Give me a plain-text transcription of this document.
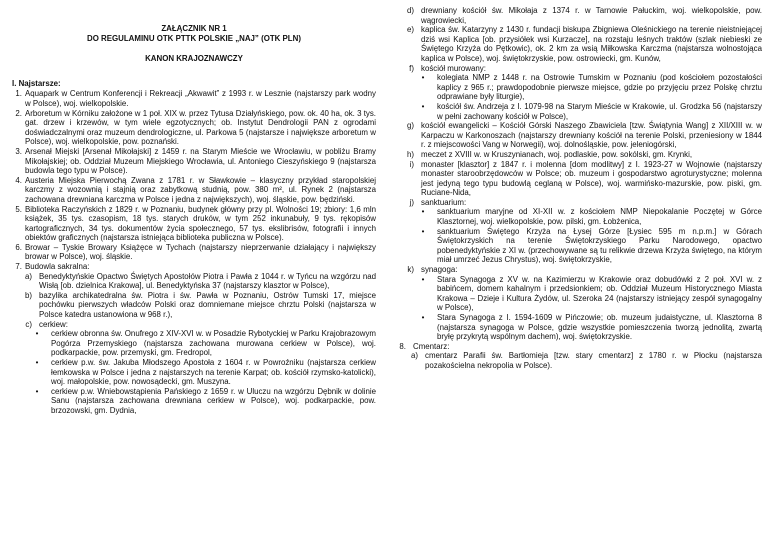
ZAŁĄCZNIK NR 1

DO REGULAMINU OTK PTTK POLSKIE „NAJ” (OTK PLN)

KANON KRAJOZNAWCZY

I. Najstarsze:

1. Aquapark w Centrum Konferencji i Rekreacji „Akwawit” z 1993 r. w Lesznie (najstarszy park wodny w Polsce), woj. wielkopolskie.
2. Arboretum w Kórniku założone w 1 poł. XIX w. przez Tytusa Działyńskiego, pow. ok. 40 ha, ok. 3 tys. gat. drzew i krzewów, w tym wiele egzotycznych; ob. Instytut Dendrologii PAN z ogrodami doświadczalnymi oraz muzeum dendrologiczne, ul. Parkowa 5 (najstarsze i największe arboretum w Polsce), woj. wielkopolskie, pow. poznański.
3. Arsenał Miejski [Arsenał Mikołajski] z 1459 r. na Starym Mieście we Wrocławiu, w pobliżu Bramy Mikołajskiej; ob. Oddział Muzeum Miejskiego Wrocławia, ul. Antoniego Cieszyńskiego 9 (najstarsza budowla tego typu w Polsce).
4. Austeria Miejska Pierwochą Zwana z 1781 r. w Sławkowie – klasyczny przykład staropolskiej karczmy z wozownią i stajnią oraz zabytkową studnią, pow. 380 m², ul. Rynek 2 (najstarsza zachowana drewniana karczma w Polsce i jedna z największych), woj. śląskie, pow. będziński.
5. Biblioteka Raczyńskich z 1829 r. w Poznaniu, budynek główny przy pl. Wolności 19; zbiory: 1,6 mln książek, 35 tys. czasopism, 18 tys. starych druków, w tym 252 inkunabuły, 9 tys. rękopisów kartograficznych, 34 tys. dokumentów życia społecznego, 57 tys. ekslibrisów, fotografii i innych obiektów graficznych (najstarsza istniejąca biblioteka publiczna w Polsce).
6. Browar – Tyskie Browary Książęce w Tychach (najstarszy nieprzerwanie działający i największy browar w Polsce), woj. śląskie.
7. Budowla sakralna:
a) Benedyktyńskie Opactwo Świętych Apostołów Piotra i Pawła z 1044 r. w Tyńcu na wzgórzu nad Wisłą [ob. dzielnica Krakowa], ul. Benedyktyńska 37 (najstarszy klasztor w Polsce),
b) bazylika archikatedralna św. Piotra i św. Pawła w Poznaniu, Ostrów Tumski 17, miejsce pochówku pierwszych władców Polski oraz domniemane miejsce chrztu Polski (najstarsza w Polsce katedra ustanowiona w 968 r.),
c) cerkiew:
•	cerkiew obronna św. Onufrego z XIV-XVI w. w Posadzie Rybotyckiej w Parku Krajobrazowym Pogórza Przemyskiego (najstarsza zachowana murowana cerkiew w Polsce), woj. podkarpackie, pow. przemyski, gm. Fredropol,
•	cerkiew p.w. św. Jakuba Młodszego Apostoła z 1604 r. w Powroźniku (najstarsza cerkiew łemkowska w Polsce i jedna z najstarszych na terenie Karpat; ob. kościół rzymsko-katolicki), woj. małopolskie, pow. nowosądecki, gm. Muszyna.
•	cerkiew p.w. Wniebowstąpienia Pańskiego z 1659 r. w Uluczu na wzgórzu Dębnik w dolinie Sanu (najstarsza zachowana drewniana cerkiew w Polsce), woj. podkarpackie, pow. brzozowski, gm. Dydnia,
d) drewniany kościół św. Mikołaja z 1374 r. w Tarnowie Pałuckim, woj. wielkopolskie, pow. wągrowiecki,
e) kaplica św. Katarzyny z 1430 r. fundacji biskupa Zbigniewa Oleśnickiego na terenie nieistniejącej dziś wsi Kaplica [ob. przysiółek wsi Kurzacze], na rozstaju leśnych traktów (szlak niebieski ze Świętego Krzyża do Pętkowic), ok. 2 km za wsią Miłkowska Karczma (najstarsza wolnostojąca kaplica w Polsce), woj. świętokrzyskie, pow. ostrowiecki, gm. Kunów,
f) kościół murowany:
•	kolegiata NMP z 1448 r. na Ostrowie Tumskim w Poznaniu (pod kościołem pozostałości kaplicy z 965 r.; prawdopodobnie pierwsze miejsce, gdzie po przyjęciu przez Polskę chrztu odprawiane były liturgie),
•	kościół św. Andrzeja z I. 1079-98 na Starym Mieście w Krakowie, ul. Grodzka 56 (najstarszy w pełni zachowany kościół w Polsce),
g) kościół ewangelicki – Kościół Górski Naszego Zbawiciela [tzw. Świątynia Wang] z XII/XIII w. w Karpaczu w Karkonoszach (najstarszy drewniany kościół na terenie Polski, przeniesiony w 1844 r. z miejscowości Vang w Norwegii), woj. dolnośląskie, pow. jeleniogórski,
h) meczet z XVIII w. w Kruszynianach, woj. podlaskie, pow. sokólski, gm. Krynki,
i) monaster [klasztor] z 1847 r. i molenna [dom modlitwy] z I. 1923-27 w Wojnowie (najstarszy monaster staroobrzędowców w Polsce; ob. muzeum i gospodarstwo agroturystyczne; molenna jest jedyną tego typu budowlą ceglaną w Polsce), woj. warmińsko-mazurskie, pow. piski, gm. Ruciane-Nida,
j) sanktuarium:
•	sanktuarium maryjne od XI-XII w. z kościołem NMP Niepokalanie Poczętej w Górce Klasztornej, woj. wielkopolskie, pow. pilski, gm. Łobżenica,
•	sanktuarium Świętego Krzyża na Łysej Górze [Łysiec 595 m n.p.m.] w Górach Świętokrzyskich na terenie Świętokrzyskiego Parku Narodowego, opactwo pobenedyktyńskie z XI w. (przechowywane są tu relikwie drzewa Krzyża świętego, na którym miał umrzeć Jezus Chrystus), woj. świętokrzyskie,
k) synagoga:
•	Stara Synagoga z XV w. na Kazimierzu w Krakowie oraz dobudówki z 2 poł. XVI w. z babińcem, domem kahalnym i przedsionkiem; ob. Oddział Muzeum Historycznego Miasta Krakowa – Dzieje i Kultura Żydów, ul. Szeroka 24 (najstarszy istniejący zespół synagogalny w Polsce),
•	Stara Synagoga z I. 1594-1609 w Pińczowie; ob. muzeum judaistyczne, ul. Klasztorna 8 (najstarsza synagoga w Polsce, gdzie wszystkie pomieszczenia tworzą jednolitą, zwartą bryłę przykrytą wspólnym dachem), woj. świętokrzyskie.
8. Cmentarz:
a) cmentarz Parafii św. Bartłomieja [tzw. stary cmentarz] z 1780 r. w Płocku (najstarsza pozakościelna nekropolia w Polsce).
